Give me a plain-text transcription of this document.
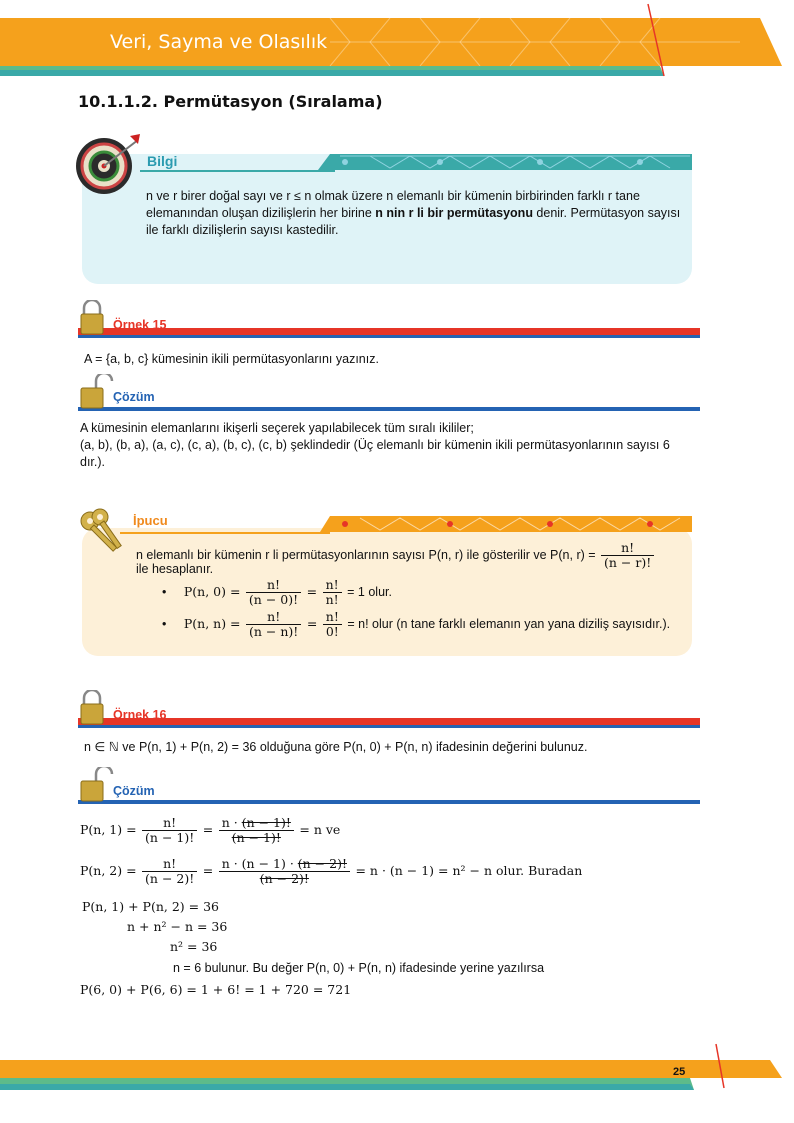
Veri, Sayma ve Olasılık
10.1.1.2. Permütasyon (Sıralama)
Bilgi
n ve r birer doğal sayı ve r ≤ n olmak üzere n elemanlı bir kümenin birbirinden farklı r tane elemanından oluşan dizilişlerin her birine n nin r li bir permütasyonu denir. Permütasyon sayısı ile farklı dizilişlerin sayısı kastedilir.
Örnek 15
A = {a, b, c} kümesinin ikili permütasyonlarını yazınız.
Çözüm
A kümesinin elemanlarını ikişerli seçerek yapılabilecek tüm sıralı ikililer;
(a, b), (b, a), (a, c), (c, a), (b, c), (c, b) şeklindedir (Üç elemanlı bir kümenin ikili permütasyonlarının sayısı 6 dır.).
İpucu
n elemanlı bir kümenin r li permütasyonlarının sayısı P(n, r) ile gösterilir ve P(n, $r) = \frac{n!}{(n - r)!}$
ile hesaplanır.
• P(n, $0) = \frac{n!}{(n - 0)!} = \frac{n!}{n!} = 1$ olur.
• P(n, $n) = \frac{n!}{(n - n)!} = \frac{n!}{0!} = n$! olur (n tane farklı elemanın yan yana diziliş sayısıdır.).
Örnek 16
n ∈ ℕ ve P(n, 1) + P(n, 2) = 36 olduğuna göre P(n, 0) + P(n, n) ifadesinin değerini bulunuz.
Çözüm
P(n, $1) = \frac{n!}{(n - 1)!} = \frac{n \cdot (n - 1)!}{(n - 1)!} = n$ ve
P(n, $2) = \frac{n!}{(n - 2)!} = \frac{n \cdot (n - 1) \cdot (n - 2)!}{(n - 2)!} = n \cdot (n - 1) = n^2 - n$ olur. Buradan
P(n, 1) + P(n, 2) = 36
n + n² − n = 36
n² = 36
n = 6 bulunur. Bu değer P(n, 0) + P(n, n) ifadesinde yerine yazılırsa
P(6, 0) + P(6, 6) = 1 + 6! = 1 + 720 = 721
25
